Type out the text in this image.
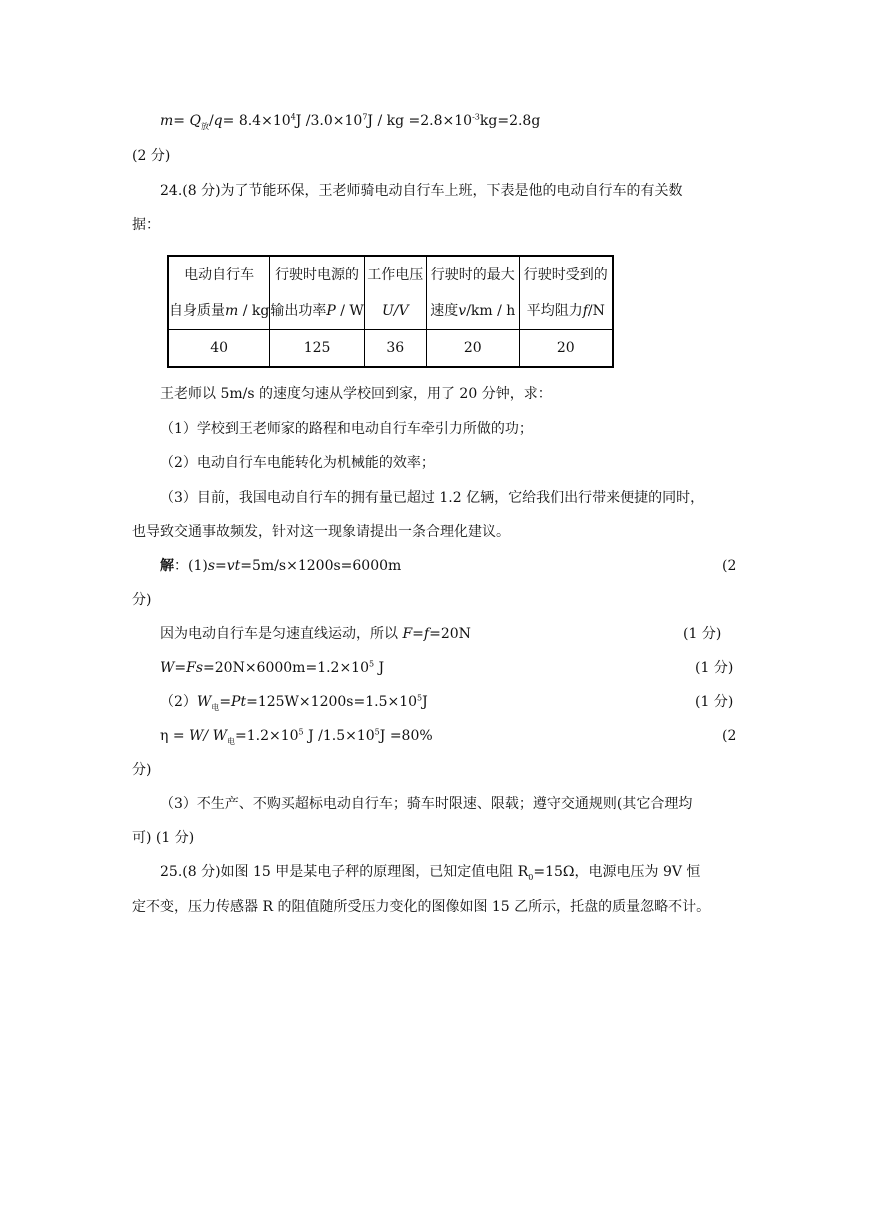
$m= Q_放/q= 8.4\times 10^4J$ $/3.0\times 10^7J$ / kg $=2.8\times 10^{-3}kg=2.8g$
(2 分)
24.(8 分)为了节能环保，王老师骑电动自行车上班，下表是他的电动自行车的有关数
据：
电动自行车	行驶时电源的	工作电压	行驶时的最大	行驶时受到的
自身质量m / kg	输出功率P / W	U/V	速度v/km / h	平均阻力f/N
40	125	36	20	20
王老师以 5m/s 的速度匀速从学校回到家，用了 20 分钟，求：
（1）学校到王老师家的路程和电动自行车牵引力所做的功；
（2）电动自行车电能转化为机械能的效率；
（3）目前，我国电动自行车的拥有量已超过 1.2 亿辆，它给我们出行带来便捷的同时，
也导致交通事故频发，针对这一现象请提出一条合理化建议。
解：(1)s=vt=5m/s×1200s=6000m	(2
分)
因为电动自行车是匀速直线运动，所以 F=f=20N	(1 分)
$W=Fs=20N\times 6000m=1.2\times 10^5$ J	(1 分)
$(2)W_电=Pt=125W\times 1200s=1.5\times 10^5J$	(1 分)
η = W/ $W_电=1.2\times 10^5$ J $/1.5\times 10^5J =80\%$	(2
分)
（3）不生产、不购买超标电动自行车；骑车时限速、限载；遵守交通规则(其它合理均
可) (1 分)
25.(8 分)如图 15 甲是某电子秤的原理图，已知定值电阻 $R_0=15\Omega$，电源电压为 9V 恒
定不变，压力传感器 R 的阻值随所受压力变化的图像如图 15 乙所示，托盘的质量忽略不计。
